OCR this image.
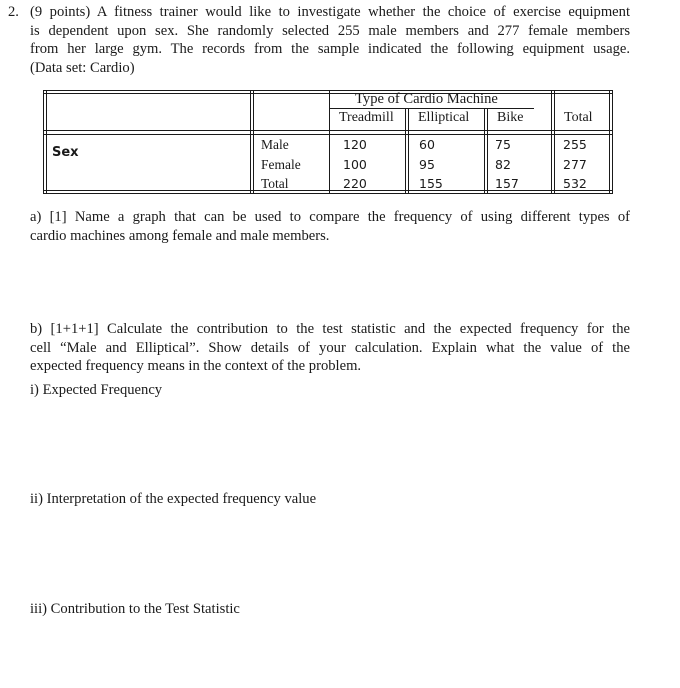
2. (9 points) A fitness trainer would like to investigate whether the choice of exercise equipment
is dependent upon sex. She randomly selected 255 male members and 277 female members
from her large gym. The records from the sample indicated the following equipment usage.
(Data set: Cardio)

Type of Cardio Machine
Treadmill Elliptical Bike	Total
Sex
Male	120	60	75	255
Female	100	95	82	277
Total	220	155	157	532

a) [1] Name a graph that can be used to compare the frequency of using different types of
cardio machines among female and male members.

b) [1+1+1] Calculate the contribution to the test statistic and the expected frequency for the
cell “Male and Elliptical”. Show details of your calculation. Explain what the value of the
expected frequency means in the context of the problem.

i) Expected Frequency
ii) Interpretation of the expected frequency value
iii) Contribution to the Test Statistic
